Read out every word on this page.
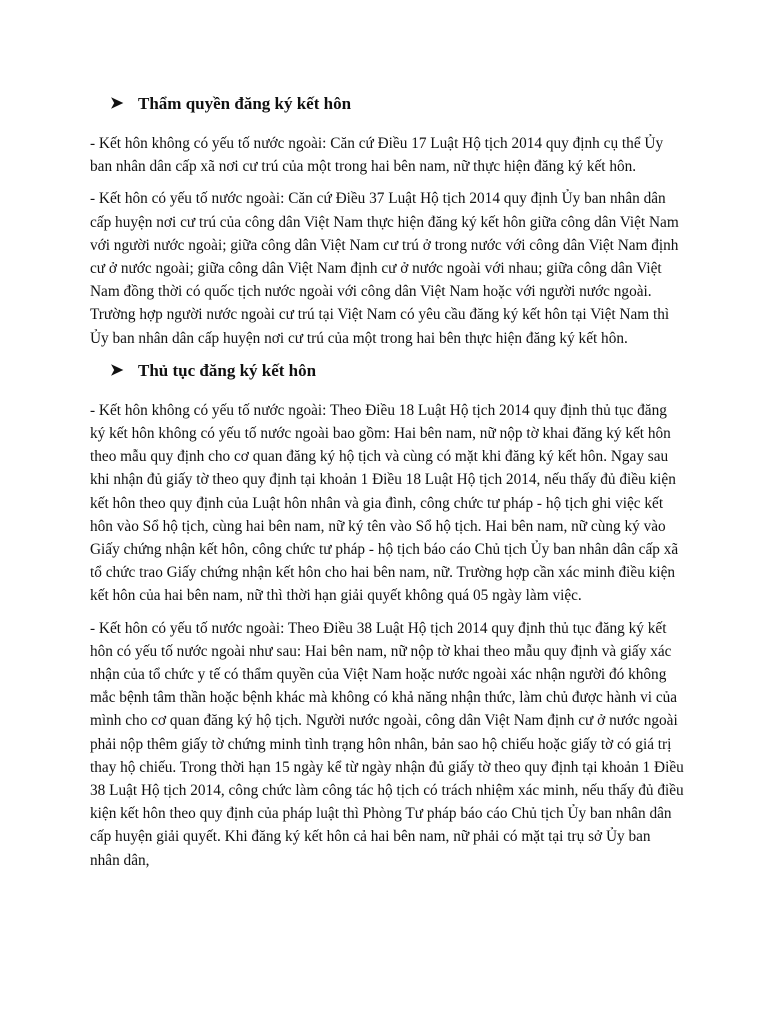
➤ Thẩm quyền đăng ký kết hôn

- Kết hôn không có yếu tố nước ngoài: Căn cứ Điều 17 Luật Hộ tịch 2014 quy định cụ thể Ủy ban nhân dân cấp xã nơi cư trú của một trong hai bên nam, nữ thực hiện đăng ký kết hôn.

- Kết hôn có yếu tố nước ngoài: Căn cứ Điều 37 Luật Hộ tịch 2014 quy định Ủy ban nhân dân cấp huyện nơi cư trú của công dân Việt Nam thực hiện đăng ký kết hôn giữa công dân Việt Nam với người nước ngoài; giữa công dân Việt Nam cư trú ở trong nước với công dân Việt Nam định cư ở nước ngoài; giữa công dân Việt Nam định cư ở nước ngoài với nhau; giữa công dân Việt Nam đồng thời có quốc tịch nước ngoài với công dân Việt Nam hoặc với người nước ngoài. Trường hợp người nước ngoài cư trú tại Việt Nam có yêu cầu đăng ký kết hôn tại Việt Nam thì Ủy ban nhân dân cấp huyện nơi cư trú của một trong hai bên thực hiện đăng ký kết hôn.

➤ Thủ tục đăng ký kết hôn

- Kết hôn không có yếu tố nước ngoài: Theo Điều 18 Luật Hộ tịch 2014 quy định thủ tục đăng ký kết hôn không có yếu tố nước ngoài bao gồm: Hai bên nam, nữ nộp tờ khai đăng ký kết hôn theo mẫu quy định cho cơ quan đăng ký hộ tịch và cùng có mặt khi đăng ký kết hôn. Ngay sau khi nhận đủ giấy tờ theo quy định tại khoản 1 Điều 18 Luật Hộ tịch 2014, nếu thấy đủ điều kiện kết hôn theo quy định của Luật hôn nhân và gia đình, công chức tư pháp - hộ tịch ghi việc kết hôn vào Sổ hộ tịch, cùng hai bên nam, nữ ký tên vào Sổ hộ tịch. Hai bên nam, nữ cùng ký vào Giấy chứng nhận kết hôn, công chức tư pháp - hộ tịch báo cáo Chủ tịch Ủy ban nhân dân cấp xã tổ chức trao Giấy chứng nhận kết hôn cho hai bên nam, nữ. Trường hợp cần xác minh điều kiện kết hôn của hai bên nam, nữ thì thời hạn giải quyết không quá 05 ngày làm việc.

- Kết hôn có yếu tố nước ngoài: Theo Điều 38 Luật Hộ tịch 2014 quy định thủ tục đăng ký kết hôn có yếu tố nước ngoài như sau: Hai bên nam, nữ nộp tờ khai theo mẫu quy định và giấy xác nhận của tổ chức y tế có thẩm quyền của Việt Nam hoặc nước ngoài xác nhận người đó không mắc bệnh tâm thần hoặc bệnh khác mà không có khả năng nhận thức, làm chủ được hành vi của mình cho cơ quan đăng ký hộ tịch. Người nước ngoài, công dân Việt Nam định cư ở nước ngoài phải nộp thêm giấy tờ chứng minh tình trạng hôn nhân, bản sao hộ chiếu hoặc giấy tờ có giá trị thay hộ chiếu. Trong thời hạn 15 ngày kể từ ngày nhận đủ giấy tờ theo quy định tại khoản 1 Điều 38 Luật Hộ tịch 2014, công chức làm công tác hộ tịch có trách nhiệm xác minh, nếu thấy đủ điều kiện kết hôn theo quy định của pháp luật thì Phòng Tư pháp báo cáo Chủ tịch Ủy ban nhân dân cấp huyện giải quyết. Khi đăng ký kết hôn cả hai bên nam, nữ phải có mặt tại trụ sở Ủy ban nhân dân,
